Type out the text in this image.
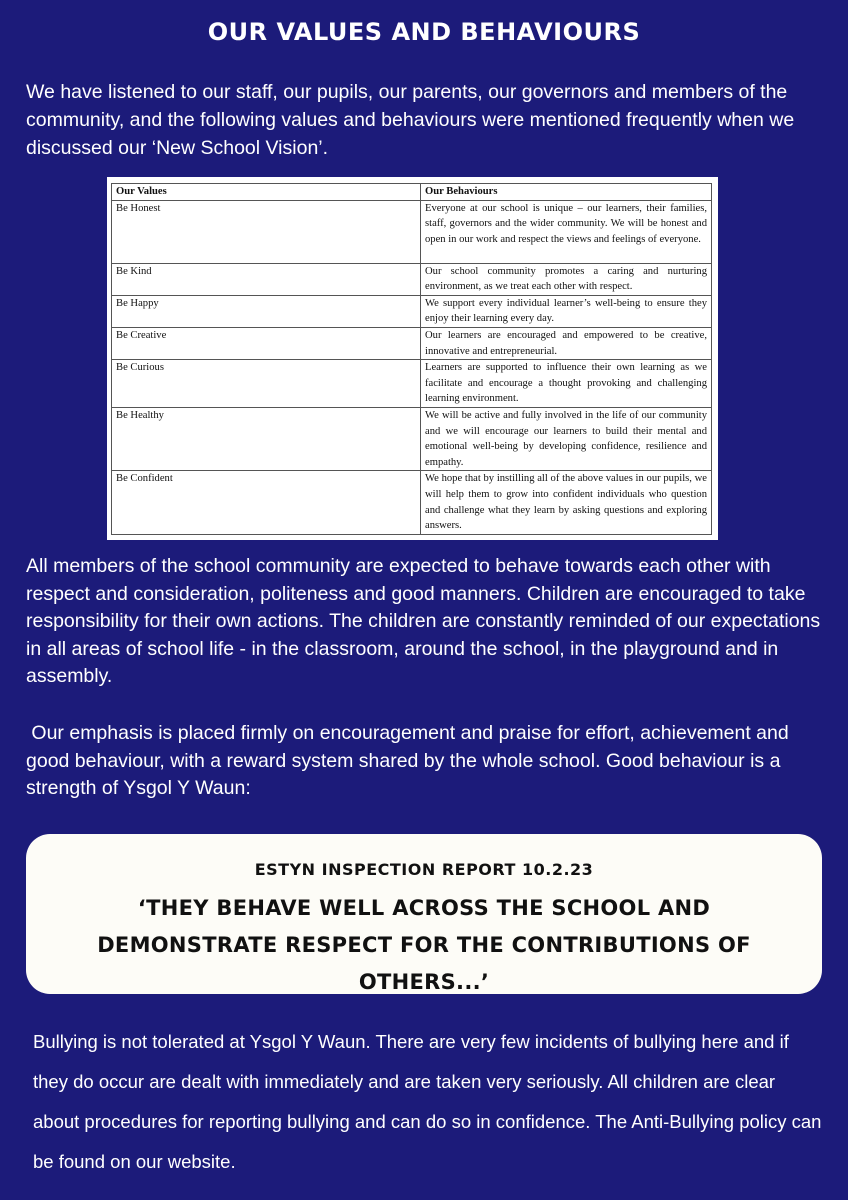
OUR VALUES AND BEHAVIOURS
We have listened to our staff, our pupils, our parents, our governors and members of the community, and the following values and behaviours were mentioned frequently when we discussed our ‘New School Vision’.
Our Values	Our Behaviours
Be Honest	Everyone at our school is unique – our learners, their families, staff, governors and the wider community. We will be honest and open in our work and respect the views and feelings of everyone.
Be Kind	Our school community promotes a caring and nurturing environment, as we treat each other with respect.
Be Happy	We support every individual learner’s well-being to ensure they enjoy their learning every day.
Be Creative	Our learners are encouraged and empowered to be creative, innovative and entrepreneurial.
Be Curious	Learners are supported to influence their own learning as we facilitate and encourage a thought provoking and challenging learning environment.
Be Healthy	We will be active and fully involved in the life of our community and we will encourage our learners to build their mental and emotional well-being by developing confidence, resilience and empathy.
Be Confident	We hope that by instilling all of the above values in our pupils, we will help them to grow into confident individuals who question and challenge what they learn by asking questions and exploring answers.
All members of the school community are expected to behave towards each other with respect and consideration, politeness and good manners. Children are encouraged to take responsibility for their own actions. The children are constantly reminded of our expectations in all areas of school life - in the classroom, around the school, in the playground and in assembly.
Our emphasis is placed firmly on encouragement and praise for effort, achievement and good behaviour, with a reward system shared by the whole school. Good behaviour is a strength of Ysgol Y Waun:
ESTYN INSPECTION REPORT 10.2.23
‘THEY BEHAVE WELL ACROSS THE SCHOOL AND DEMONSTRATE RESPECT FOR THE CONTRIBUTIONS OF OTHERS...’
Bullying is not tolerated at Ysgol Y Waun. There are very few incidents of bullying here and if they do occur are dealt with immediately and are taken very seriously. All children are clear about procedures for reporting bullying and can do so in confidence. The Anti-Bullying policy can be found on our website.
